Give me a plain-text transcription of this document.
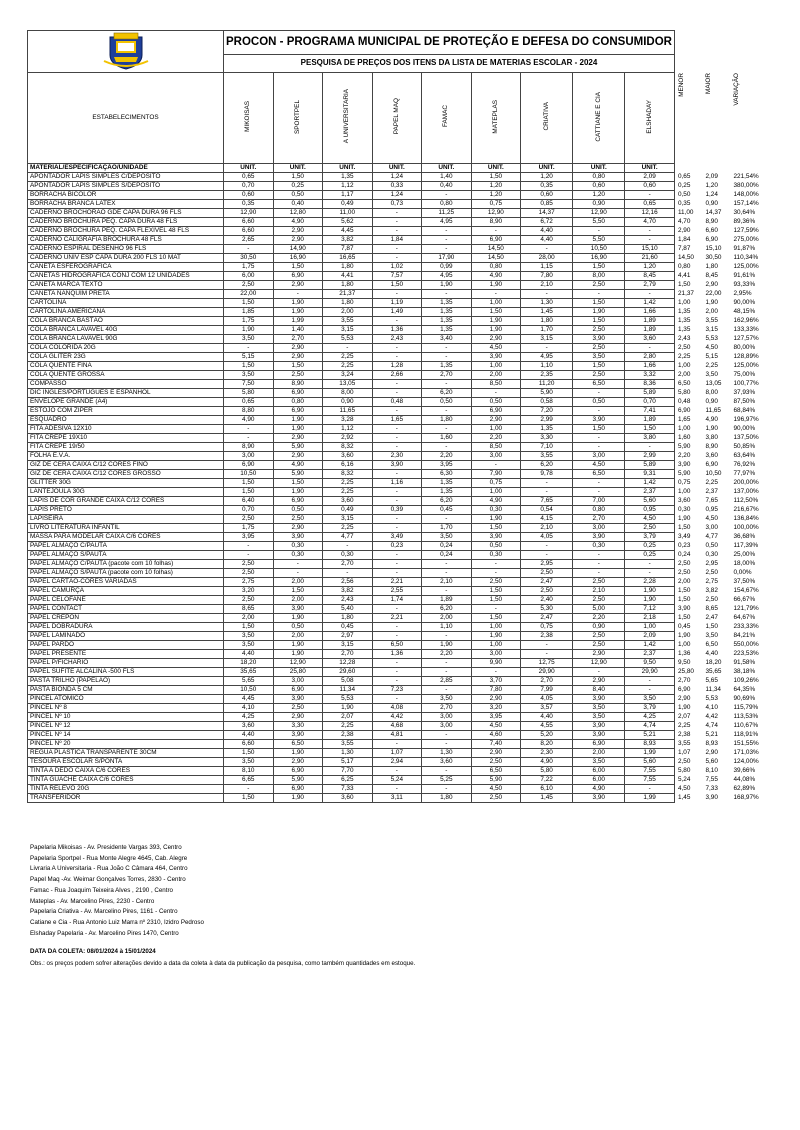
	PROCON - PROGRAMA MUNICIPAL DE PROTEÇÃO E DEFESA DO CONSUMIDOR											
	PESQUISA DE PREÇOS DOS ITENS DA LISTA DE MATERIAS ESCOLAR - 2024											
ESTABELECIMENTOS	MIKOISAS	SPORTPEL	A UNIVERSITARIA	PAPEL MAQ	FAMAC	MATEPLAS	CRIATIVA	CATTIANE E CIA	ELSHADAY	MENOR	MAIOR	VARIAÇÃO
MATERIAL/ESPECIFICAÇÃO/UNIDADE	UNIT.	UNIT.	UNIT.	UNIT.	UNIT.	UNIT.	UNIT.	UNIT.	UNIT.			
APONTADOR LAPIS SIMPLES C/DEPOSITO	0,65	1,50	1,35	1,24	1,40	1,50	1,20	0,80	2,09	0,65	2,09	221,54%
APONTADOR LAPIS SIMPLES S/DEPOSITO	0,70	0,25	1,12	0,33	0,40	1,20	0,35	0,60	0,60	0,25	1,20	380,00%
BORRACHA BICOLOR	0,60	0,50	1,17	1,24	-	1,20	0,60	1,20	-	0,50	1,24	148,00%
BORRACHA BRANCA LATEX	0,35	0,40	0,49	0,73	0,80	0,75	0,85	0,90	0,65	0,35	0,90	157,14%
CADERNO BROCHORÃO GDE CAPA DURA 96 FLS	12,90	12,80	11,00	-	11,25	12,90	14,37	12,90	12,16	11,00	14,37	30,64%
CADERNO BROCHURA PEQ. CAPA DURA 48 FLS	6,60	4,90	5,62	-	4,95	8,90	6,72	5,50	4,70	4,70	8,90	89,36%
CADERNO BROCHURA PEQ. CAPA FLEXIVEL 48 FLS	6,60	2,90	4,45	-	-	-	4,40	-	-	2,90	6,60	127,59%
CADERNO CALIGRAFIA BROCHURA 48 FLS	2,65	2,90	3,82	1,84	-	6,90	4,40	5,50	-	1,84	6,90	275,00%
CADERNO ESPIRAL DESENHO 96 FLS	-	14,90	7,87	-	-	14,50	-	10,50	15,10	7,87	15,10	91,87%
CADERNO UNIV ESP CAPA DURA 200 FLS 10 MAT	30,50	16,90	16,65	-	17,90	14,50	28,00	16,90	21,60	14,50	30,50	110,34%
CANETA ESFEROGRÁFICA	1,75	1,50	1,80	1,02	0,99	0,80	1,15	1,50	1,20	0,80	1,80	125,00%
CANETAS HIDROGRÁFICA CONJ COM 12 UNIDADES	6,00	6,90	4,41	7,57	4,95	4,90	7,80	8,00	8,45	4,41	8,45	91,61%
CANETA MARCA TEXTO	2,50	2,90	1,80	1,50	1,90	1,90	2,10	2,50	2,79	1,50	2,90	93,33%
CANETA NANQUIM PRETA	22,00	-	21,37	-	-	-	-	-	-	21,37	22,00	2,95%
CARTOLINA	1,50	1,90	1,80	1,19	1,35	1,00	1,30	1,50	1,42	1,00	1,90	90,00%
CARTOLINA AMERICANA	1,85	1,90	2,00	1,49	1,35	1,50	1,45	1,90	1,66	1,35	2,00	48,15%
COLA BRANCA BASTÃO	1,75	1,99	3,55	-	1,35	1,90	1,80	1,50	1,89	1,35	3,55	162,96%
COLA BRANCA LAVAVEL 40G	1,90	1,40	3,15	1,36	1,35	1,90	1,70	2,50	1,89	1,35	3,15	133,33%
COLA BRANCA LAVAVEL 90G	3,50	2,70	5,53	2,43	3,40	2,90	3,15	3,90	3,60	2,43	5,53	127,57%
COLA COLORIDA 20G	-	2,90	-	-	-	4,50	-	2,50	-	2,50	4,50	80,00%
COLA GLITER 23G	5,15	2,90	2,25	-	-	3,90	4,95	3,50	2,80	2,25	5,15	128,89%
COLA QUENTE FINA	1,50	1,50	2,25	1,28	1,35	1,00	1,10	1,50	1,66	1,00	2,25	125,00%
COLA QUENTE GROSSA	3,50	2,50	3,24	2,66	2,70	2,00	2,35	2,50	3,32	2,00	3,50	75,00%
COMPASSO	7,50	8,90	13,05	-	-	8,50	11,20	6,50	8,36	6,50	13,05	100,77%
DIC INGLES/PORTUGUES E ESPANHOL	5,80	6,90	8,00	-	6,20	-	5,90	-	5,89	5,80	8,00	37,93%
ENVELOPE GRANDE (A4)	0,65	0,80	0,90	0,48	0,50	0,50	0,58	0,50	0,70	0,48	0,90	87,50%
ESTOJO COM ZIPER	8,80	6,90	11,65	-	-	6,90	7,20	-	7,41	6,90	11,65	68,84%
ESQUADRO	4,90	1,90	3,28	1,65	1,80	2,90	2,99	3,90	1,89	1,65	4,90	196,97%
FITA ADESIVA 12X10	-	1,90	1,12	-	-	1,00	1,35	1,50	1,50	1,00	1,90	90,00%
FITA CREPE 19X10	-	2,90	2,92	-	1,60	2,20	3,30	-	3,80	1,60	3,80	137,50%
FITA CREPE 19/50	8,90	5,90	8,32	-	-	8,50	7,10	-	-	5,90	8,90	50,85%
FOLHA E.V.A.	3,00	2,90	3,60	2,30	2,20	3,00	3,55	3,00	2,99	2,20	3,60	63,64%
GIZ DE CERA CAIXA C/12 CORES FINO	6,90	4,90	6,16	3,90	3,95	-	6,20	4,50	5,89	3,90	6,90	76,92%
GIZ DE CERA CAIXA C/12 CORES GROSSO	10,50	5,90	8,32	-	6,30	7,90	9,78	6,50	9,31	5,90	10,50	77,97%
GLITTER 30G	1,50	1,50	2,25	1,16	1,35	0,75	-	-	1,42	0,75	2,25	200,00%
LANTEJOULA 30G	1,50	1,90	2,25	-	1,35	1,00	-	-	2,37	1,00	2,37	137,00%
LAPIS DE COR GRANDE CAIXA C/12 CORES	6,40	6,90	3,60	-	6,20	4,90	7,65	7,00	5,60	3,60	7,65	112,50%
LAPIS PRETO	0,70	0,50	0,49	0,39	0,45	0,30	0,54	0,80	0,95	0,30	0,95	216,67%
LAPISEIRA	2,50	2,50	3,15	-	-	1,90	4,15	2,70	4,50	1,90	4,50	136,84%
LIVRO LITERATURA INFANTIL	1,75	2,90	2,25	-	1,70	1,50	2,10	3,00	2,50	1,50	3,00	100,00%
MASSA PARA MODELAR CAIXA C/6 CORES	3,95	3,90	4,77	3,49	3,50	3,90	4,05	3,90	3,79	3,49	4,77	36,68%
PAPEL ALMAÇO C/PAUTA	-	0,30	-	0,23	0,24	0,50	-	0,30	0,25	0,23	0,50	117,39%
PAPEL ALMAÇO S/PAUTA	-	0,30	0,30	-	0,24	0,30	-	-	0,25	0,24	0,30	25,00%
PAPEL ALMAÇO C/PAUTA (pacote com 10 folhas)	2,50	-	2,70	-	-	-	2,95	-	-	2,50	2,95	18,00%
PAPEL ALMAÇO S/PAUTA (pacote com 10 folhas)	2,50	-	-	-	-	-	2,50	-	-	2,50	2,50	0,00%
PAPEL CARTÃO-CORES VARIADAS	2,75	2,00	2,56	2,21	2,10	2,50	2,47	2,50	2,28	2,00	2,75	37,50%
PAPEL CAMURÇA	3,20	1,50	3,82	2,55	-	1,50	2,50	2,10	1,90	1,50	3,82	154,67%
PAPEL CELOFANE	2,50	2,00	2,43	1,74	1,89	1,50	2,40	2,50	1,90	1,50	2,50	66,67%
PAPEL CONTACT	8,65	3,90	5,40	-	6,20	-	5,30	5,00	7,12	3,90	8,65	121,79%
PAPEL CREPON	2,00	1,90	1,80	2,21	2,00	1,50	2,47	2,20	2,18	1,50	2,47	64,67%
PAPEL DOBRADURA	1,50	0,50	0,45	-	1,10	1,00	0,75	0,90	1,00	0,45	1,50	233,33%
PAPEL LAMINADO	3,50	2,00	2,97	-	-	1,90	2,38	2,50	2,09	1,90	3,50	84,21%
PAPEL PARDO	3,50	1,90	3,15	6,50	1,90	1,00	-	2,50	1,42	1,00	6,50	550,00%
PAPEL PRESENTE	4,40	1,90	2,70	1,36	2,20	3,00	-	2,90	2,37	1,36	4,40	223,53%
PAPEL P/FICHARIO	18,20	12,90	12,28	-	-	9,90	12,75	12,90	9,50	9,50	18,20	91,58%
PAPEL SUFITE ALCALINA -500 FLS	35,65	25,80	29,60	-	-	-	29,90	-	29,90	25,80	35,65	38,18%
PASTA TRILHO (PAPELÃO)	5,65	3,00	5,08	-	2,85	3,70	2,70	2,90	-	2,70	5,65	109,26%
PASTA BIONDA 5 CM	10,50	6,90	11,34	7,23	-	7,80	7,99	8,40	-	6,90	11,34	64,35%
PINCEL ATÔMICO	4,45	3,90	5,53	-	3,50	2,90	4,05	3,90	3,50	2,90	5,53	90,69%
PINCEL Nº 8	4,10	2,50	1,90	4,08	2,70	3,20	3,57	3,50	3,79	1,90	4,10	115,79%
PINCEL Nº 10	4,25	2,90	2,07	4,42	3,00	3,95	4,40	3,50	4,25	2,07	4,42	113,53%
PINCEL Nº 12	3,60	3,30	2,25	4,68	3,00	4,50	4,55	3,90	4,74	2,25	4,74	110,67%
PINCEL Nº 14	4,40	3,90	2,38	4,81	-	4,60	5,20	3,90	5,21	2,38	5,21	118,91%
PINCEL Nº 20	6,60	6,50	3,55	-	-	7,40	8,20	6,90	8,93	3,55	8,93	151,55%
REGUA PLASTICA TRANSPARENTE 30CM	1,50	1,90	1,30	1,07	1,30	2,90	2,30	2,00	1,99	1,07	2,90	171,03%
TESOURA ESCOLAR S/PONTA	3,50	2,90	5,17	2,94	3,60	2,50	4,90	3,50	5,60	2,50	5,60	124,00%
TINTA A DEDO CAIXA C/6 CORES	8,10	6,90	7,70	-	-	6,50	5,80	6,00	7,55	5,80	8,10	39,66%
TINTA GUACHE CAIXA C/6 CORES	6,65	5,90	6,25	5,24	5,25	5,90	7,22	6,00	7,55	5,24	7,55	44,08%
TINTA RELEVO 20G	-	6,90	7,33	-	-	4,50	6,10	4,90	-	4,50	7,33	62,89%
TRANSFERIDOR	1,50	1,90	3,60	3,11	1,80	2,50	1,45	3,90	1,99	1,45	3,90	168,97%
Papelaria Mikoisas - Av. Presidente Vargas 393, Centro
Papelaria Sportpel - Rua Monte Alegre 4645, Cab. Alegre
Livraria A Universitaria - Rua João C Câmara 464, Centro
Papel Maq -Av. Weimar Gonçalves Torres, 2830 - Centro
Famac - Rua Joaquim Teixeira Alves , 2190 , Centro
Mateplas - Av. Marcelino Pires, 2230 - Centro
Papelaria Criativa - Av. Marcelino Pires, 1161 - Centro
Catiane e Cia - Rua Antonio Luiz Marra nº 2310, Izidro Pedroso
Elshaday Papelaria - Av. Marcelino Pires 1470, Centro
DATA DA COLETA: 08/01/2024 à 15/01/2024
Obs.: os preços podem sofrer alterações devido a data da coleta à data da publicação da pesquisa, como também quantidades em estoque.
